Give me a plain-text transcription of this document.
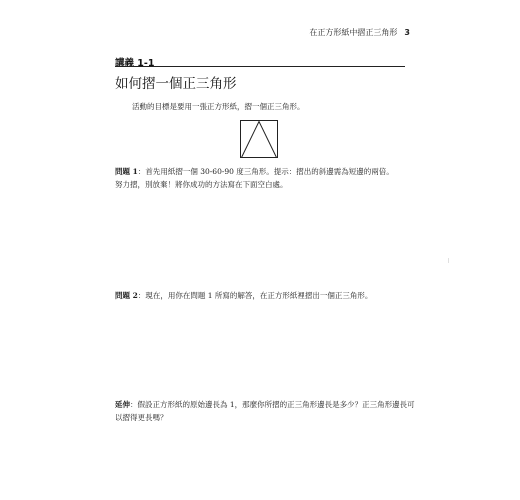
在正方形紙中摺正三角形 3
講義 1-1
如何摺一個正三角形
活動的目標是要用一張正方形紙，摺一個正三角形。
問題 1：首先用紙摺一個 30-60-90 度三角形。提示：摺出的斜邊需為短邊的兩倍。
努力摺，別放棄！將你成功的方法寫在下面空白處。
問題 2：現在，用你在問題 1 所寫的解答，在正方形紙裡摺出一個正三角形。
延伸：假設正方形紙的原始邊長為 1，那麼你所摺的正三角形邊長是多少？正三角形邊長可
以摺得更長嗎？
